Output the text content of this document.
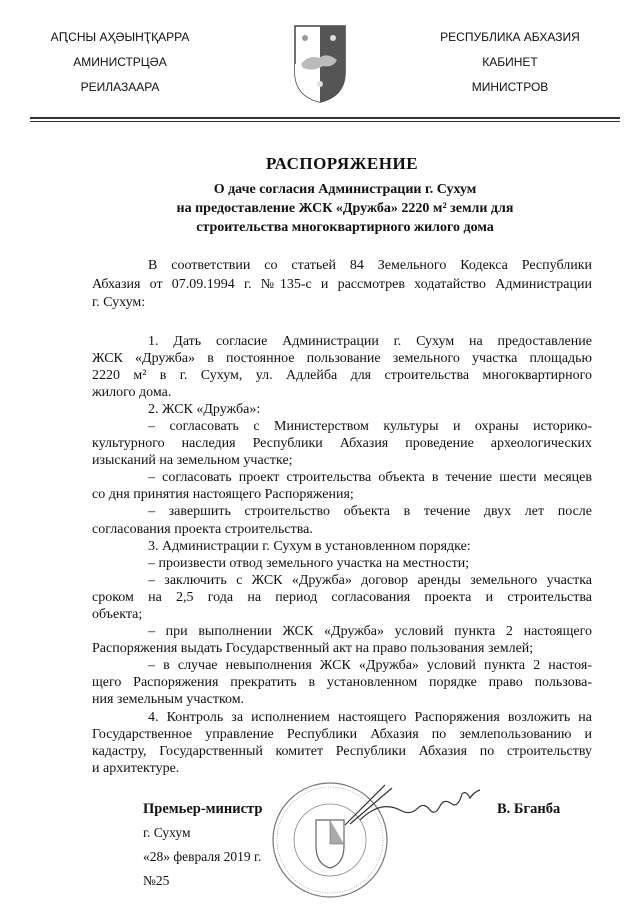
АԤСНЫ АҲӘЫНҬҚАРРА
АМИНИСТРЦӘА
РЕИЛАЗААРА
РЕСПУБЛИКА АБХАЗИЯ
КАБИНЕТ
МИНИСТРОВ
РАСПОРЯЖЕНИЕ
О даче согласия Администрации г. Сухум
на предоставление ЖСК «Дружба» 2220 м² земли для
строительства многоквартирного жилого дома
В соответствии со статьей 84 Земельного Кодекса Республики
Абхазия от 07.09.1994 г. №135-с и рассмотрев ходатайство Администрации
г. Сухум:
1. Дать согласие Администрации г. Сухум на предоставление
ЖСК «Дружба» в постоянное пользование земельного участка площадью
2220 м² в г. Сухум, ул. Адлейба для строительства многоквартирного
жилого дома.
2. ЖСК «Дружба»:
– согласовать с Министерством культуры и охраны историко-
культурного наследия Республики Абхазия проведение археологических
изысканий на земельном участке;
– согласовать проект строительства объекта в течение шести месяцев
со дня принятия настоящего Распоряжения;
– завершить строительство объекта в течение двух лет после
согласования проекта строительства.
3. Администрации г. Сухум в установленном порядке:
– произвести отвод земельного участка на местности;
– заключить с ЖСК «Дружба» договор аренды земельного участка
сроком на 2,5 года на период согласования проекта и строительства
объекта;
– при выполнении ЖСК «Дружба» условий пункта 2 настоящего
Распоряжения выдать Государственный акт на право пользования землей;
– в случае невыполнения ЖСК «Дружба» условий пункта 2 настоя-
щего Распоряжения прекратить в установленном порядке право пользова-
ния земельным участком.
4. Контроль за исполнением настоящего Распоряжения возложить на
Государственное управление Республики Абхазия по землепользованию и
кадастру, Государственный комитет Республики Абхазия по строительству
и архитектуре.
Премьер-министр	В. Бганба
г. Сухум
«28» февраля 2019 г.
№25
